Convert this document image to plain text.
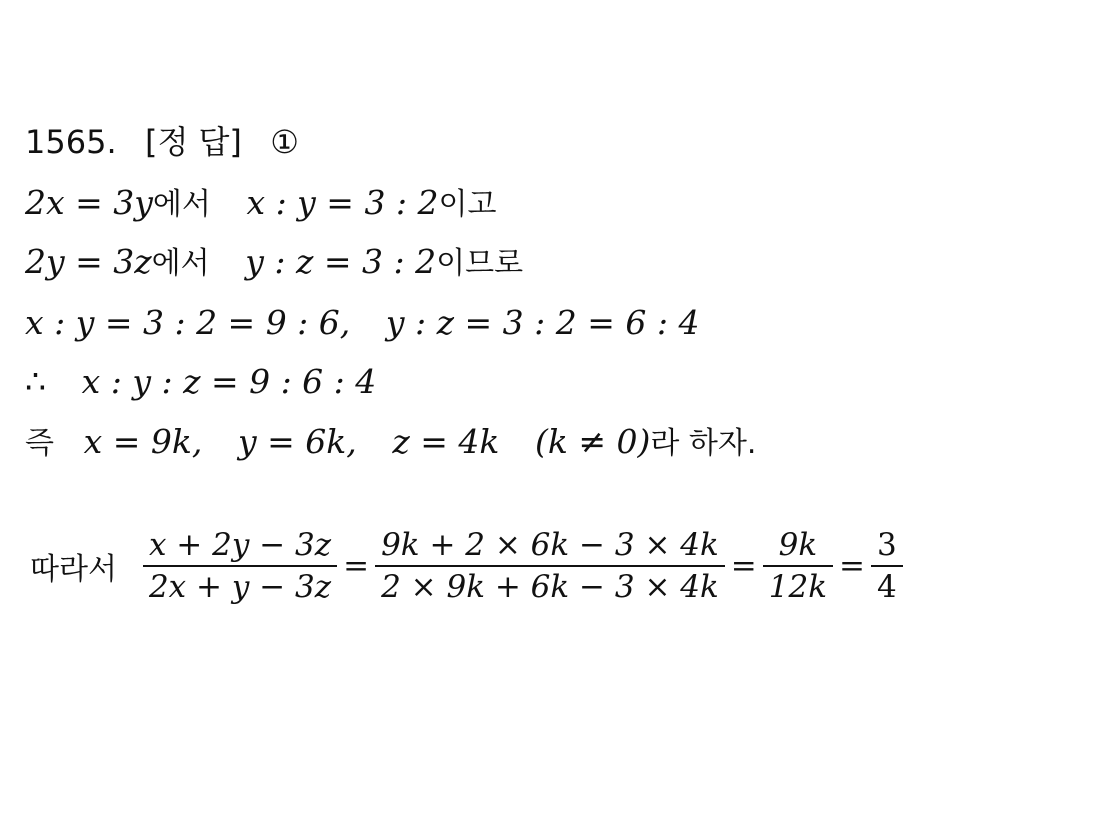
1565. [정 답] ①
2x = 3y에서 x : y = 3 : 2이고
2y = 3z에서 y : z = 3 : 2이므로
x : y = 3 : 2 = 9 : 6, y : z = 3 : 2 = 6 : 4
∴ x : y : z = 9 : 6 : 4
즉 x = 9k, y = 6k, z = 4k (k ≠ 0)라 하자.
따라서 $\frac{x + 2y - 3z}{2x + y - 3z} = \frac{9k + 2 \times 6k - 3 \times 4k}{2 \times 9k + 6k - 3 \times 4k} = \frac{9k}{12k} = \frac{3}{4}$
